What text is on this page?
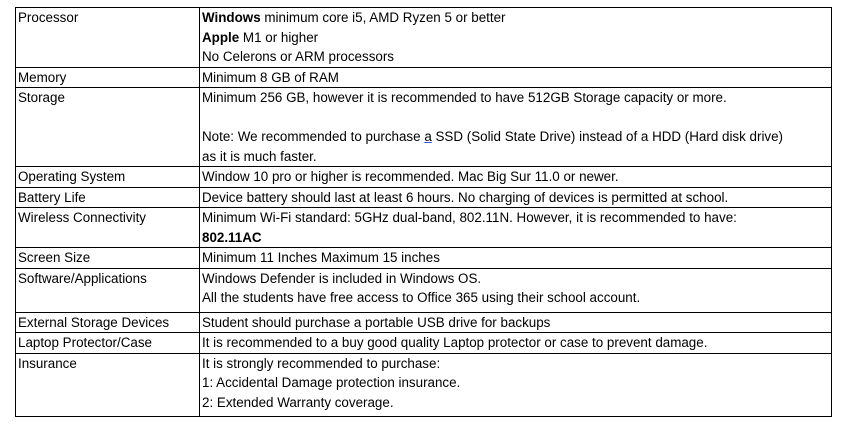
Processor	Windows minimum core i5, AMD Ryzen 5 or better
Apple M1 or higher
No Celerons or ARM processors

Memory	Minimum 8 GB of RAM
Storage	Minimum 256 GB, however it is recommended to have 512GB Storage capacity or more.
Note: We recommended to purchase a SSD (Solid State Drive) instead of a HDD (Hard disk drive)
as it is much faster.

Operating System	Window 10 pro or higher is recommended. Mac Big Sur 11.0 or newer.
Battery Life	Device battery should last at least 6 hours. No charging of devices is permitted at school.
Wireless Connectivity	Minimum Wi-Fi standard: 5GHz dual-band, 802.11N. However, it is recommended to have:
802.11AC

Screen Size	Minimum 11 Inches Maximum 15 inches
Software/Applications	Windows Defender is included in Windows OS.
All the students have free access to Office 365 using their school account.

External Storage Devices	Student should purchase a portable USB drive for backups
Laptop Protector/Case	It is recommended to a buy good quality Laptop protector or case to prevent damage.
Insurance	It is strongly recommended to purchase:
1: Accidental Damage protection insurance.
2: Extended Warranty coverage.
